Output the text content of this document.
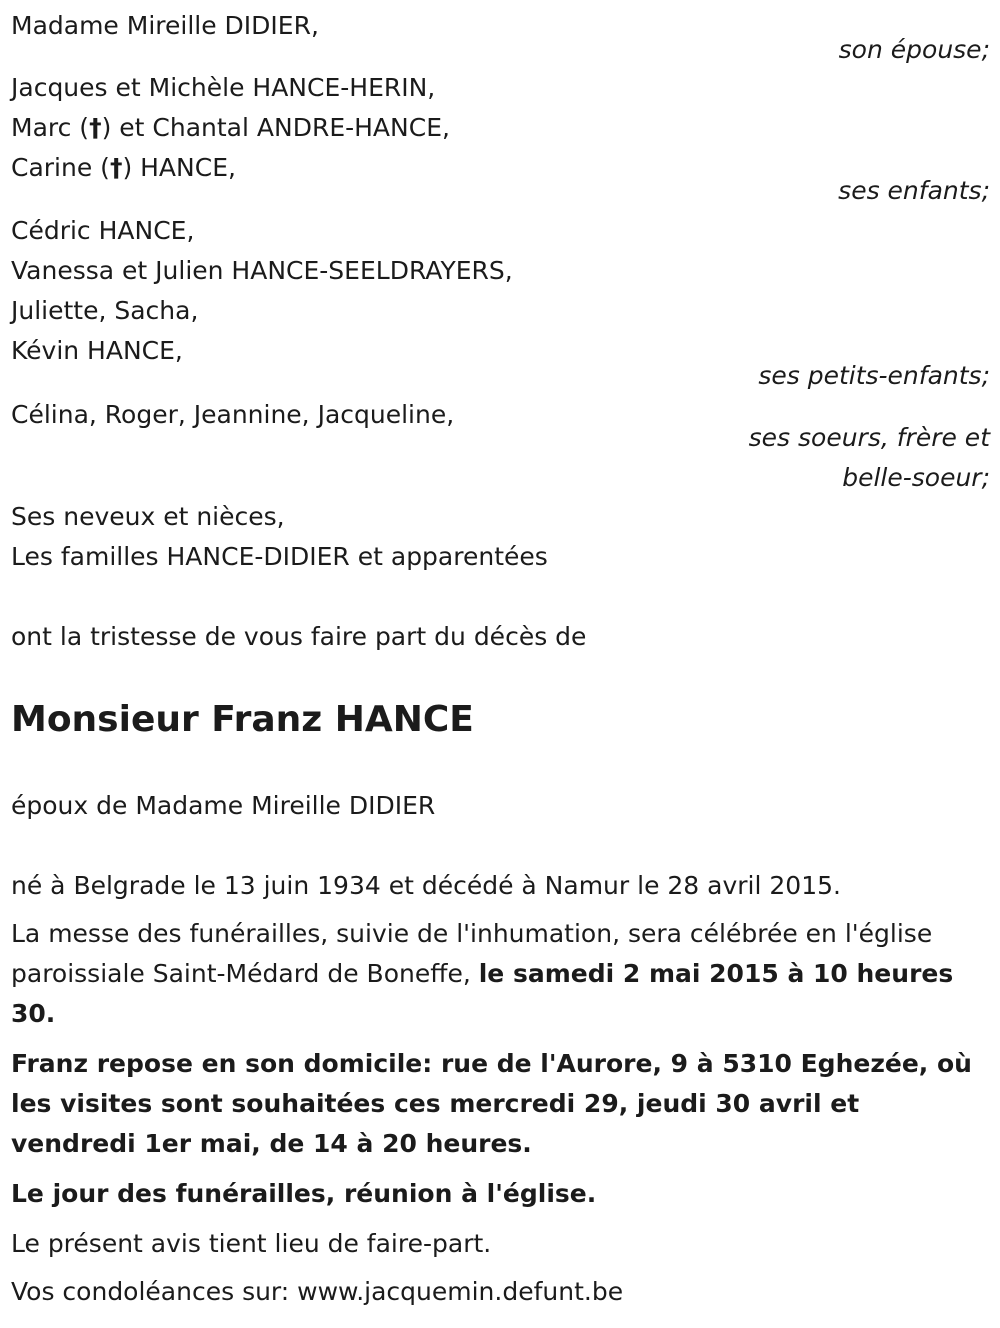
Madame Mireille DIDIER,
son épouse;
Jacques et Michèle HANCE-HERIN,
Marc (†) et Chantal ANDRE-HANCE,
Carine (†) HANCE,
ses enfants;
Cédric HANCE,
Vanessa et Julien HANCE-SEELDRAYERS,
Juliette, Sacha,
Kévin HANCE,
ses petits-enfants;
Célina, Roger, Jeannine, Jacqueline,
ses soeurs, frère et
belle-soeur;
Ses neveux et nièces,
Les familles HANCE-DIDIER et apparentées
ont la tristesse de vous faire part du décès de
Monsieur Franz HANCE
époux de Madame Mireille DIDIER
né à Belgrade le 13 juin 1934 et décédé à Namur le 28 avril 2015.
La messe des funérailles, suivie de l'inhumation, sera célébrée en l'église paroissiale Saint-Médard de Boneffe, le samedi 2 mai 2015 à 10 heures 30.
Franz repose en son domicile: rue de l'Aurore, 9 à 5310 Eghezée, où les visites sont souhaitées ces mercredi 29, jeudi 30 avril et vendredi 1er mai, de 14 à 20 heures.
Le jour des funérailles, réunion à l'église.
Le présent avis tient lieu de faire-part.
Vos condoléances sur: www.jacquemin.defunt.be
